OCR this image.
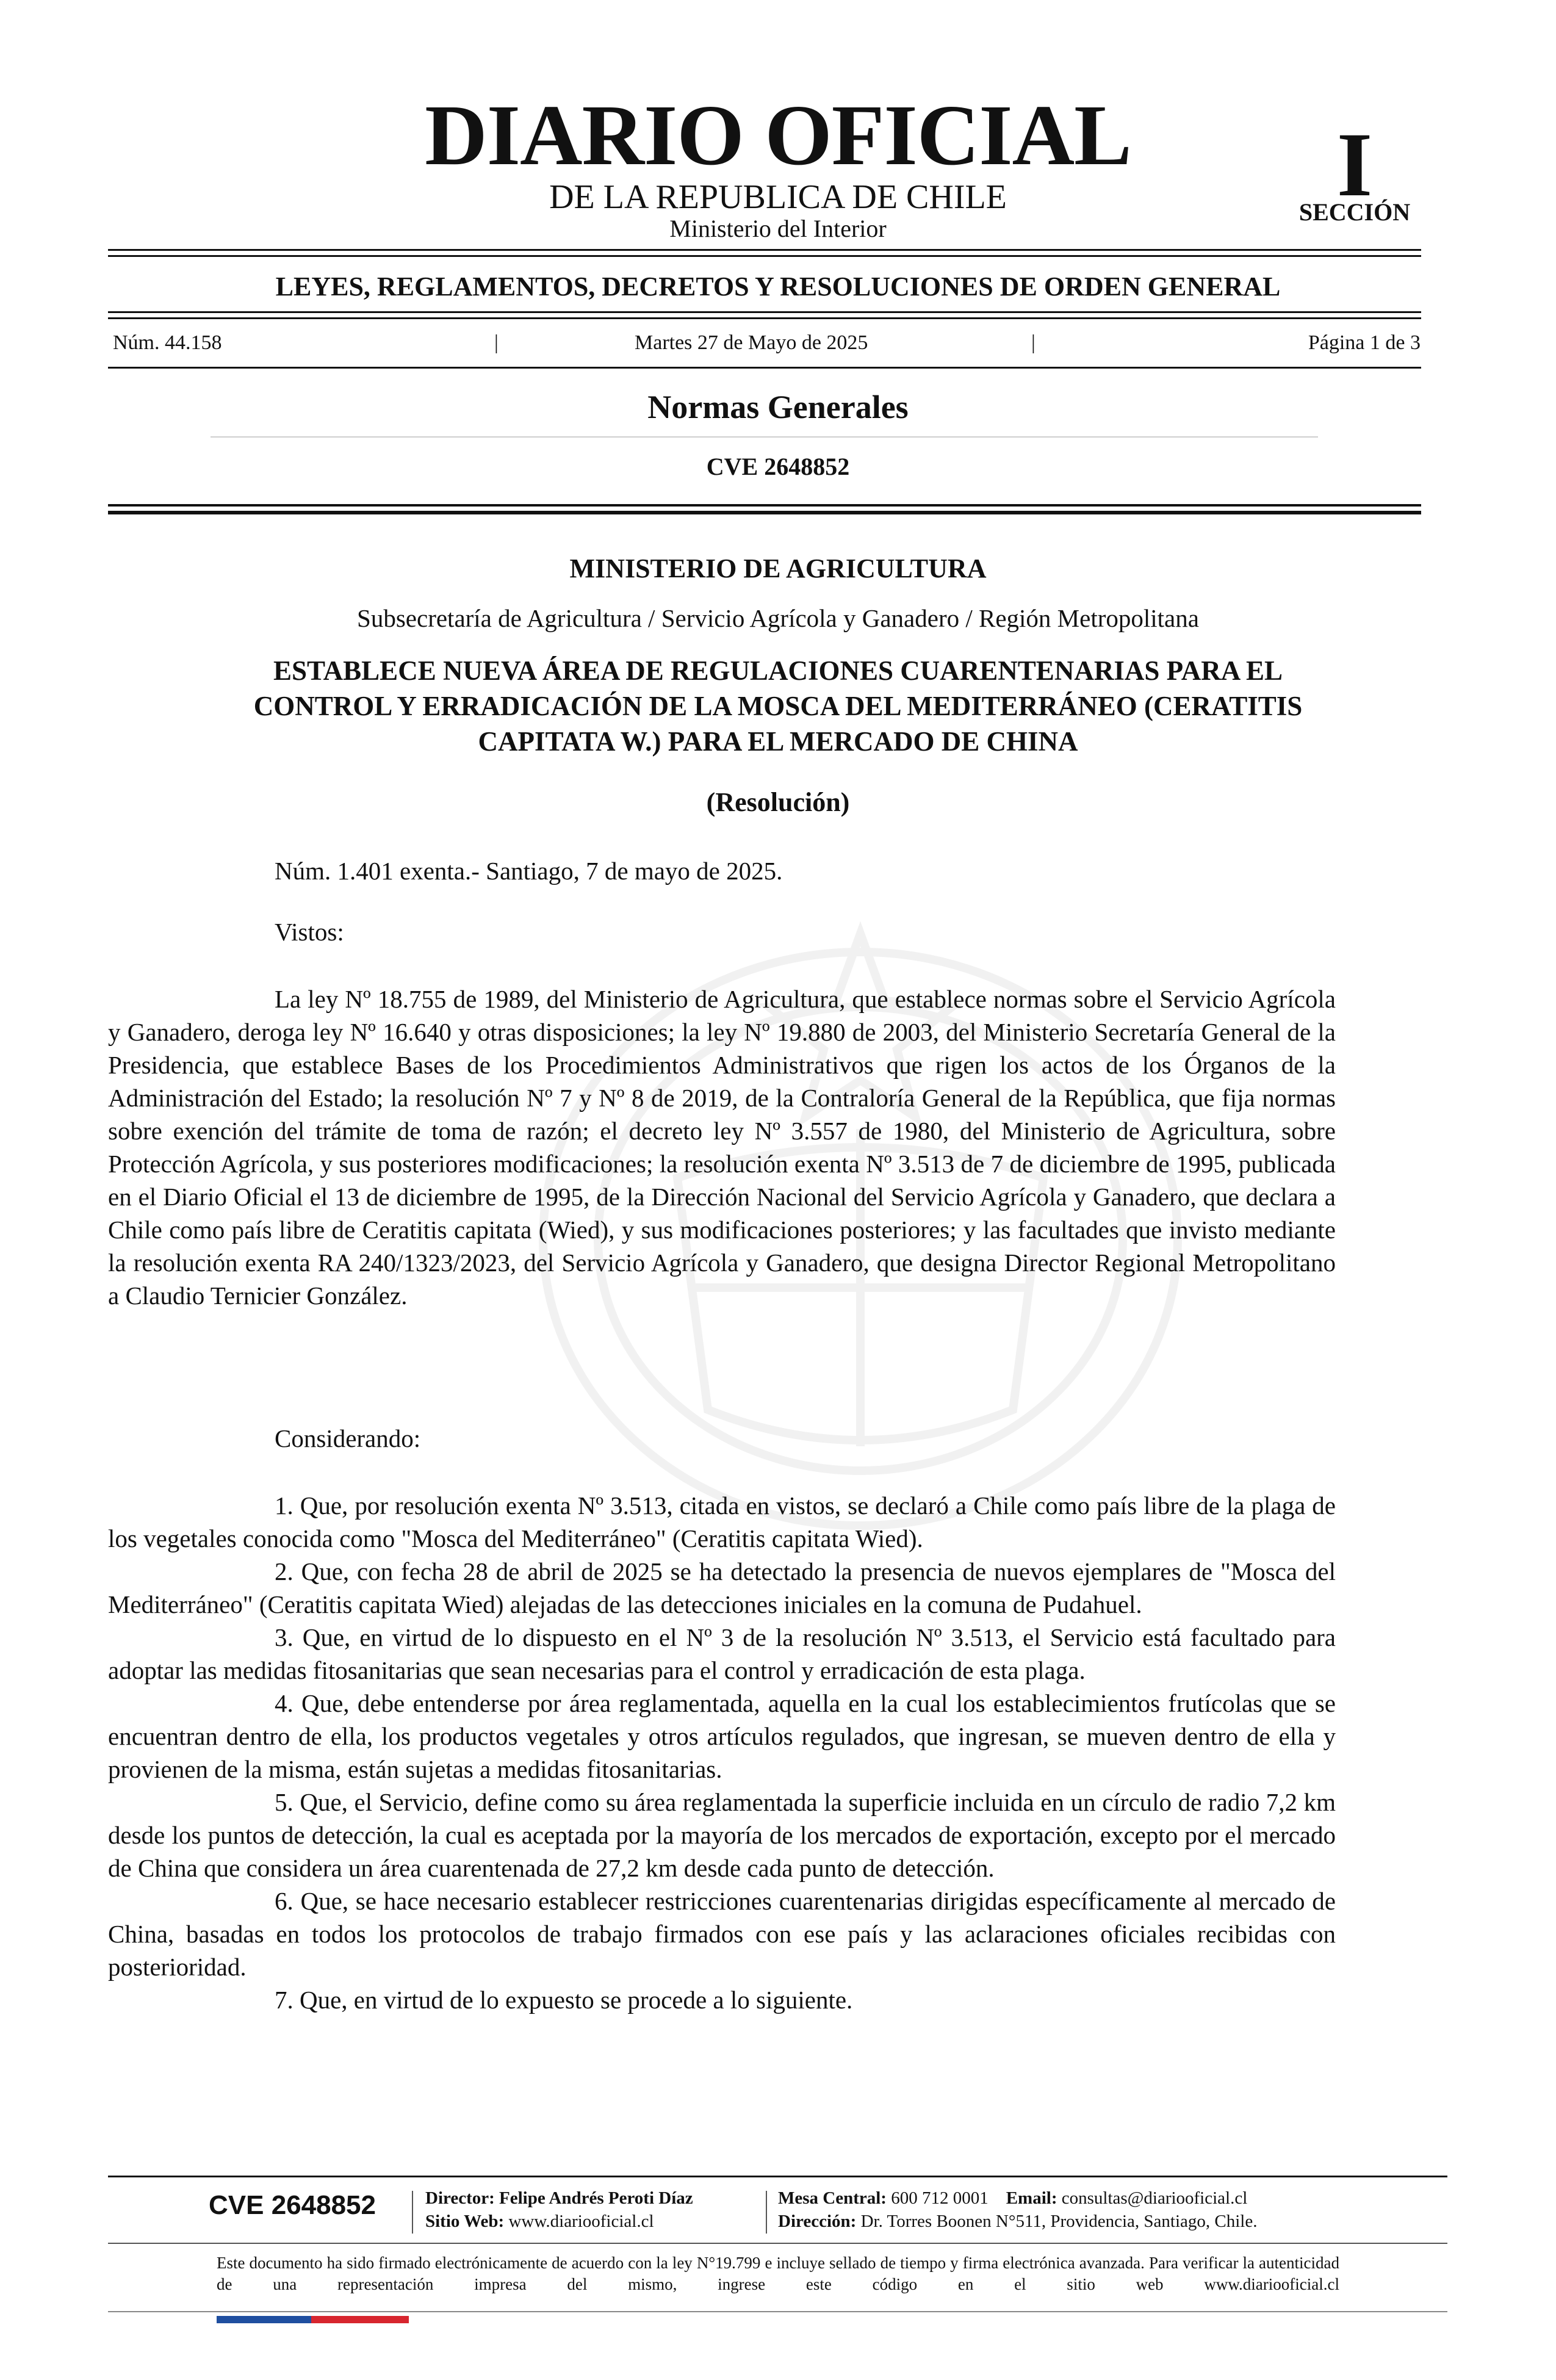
DIARIO OFICIAL
DE LA REPUBLICA DE CHILE
Ministerio del Interior
I
SECCIÓN
LEYES, REGLAMENTOS, DECRETOS Y RESOLUCIONES DE ORDEN GENERAL
Núm. 44.158	|	Martes 27 de Mayo de 2025	|	Página 1 de 3
Normas Generales
CVE 2648852
MINISTERIO DE AGRICULTURA
Subsecretaría de Agricultura / Servicio Agrícola y Ganadero / Región Metropolitana
ESTABLECE NUEVA ÁREA DE REGULACIONES CUARENTENARIAS PARA EL CONTROL Y ERRADICACIÓN DE LA MOSCA DEL MEDITERRÁNEO (CERATITIS CAPITATA W.) PARA EL MERCADO DE CHINA
(Resolución)
Núm. 1.401 exenta.- Santiago, 7 de mayo de 2025.
Vistos:
La ley Nº 18.755 de 1989, del Ministerio de Agricultura, que establece normas sobre el Servicio Agrícola y Ganadero, deroga ley Nº 16.640 y otras disposiciones; la ley Nº 19.880 de 2003, del Ministerio Secretaría General de la Presidencia, que establece Bases de los Procedimientos Administrativos que rigen los actos de los Órganos de la Administración del Estado; la resolución Nº 7 y Nº 8 de 2019, de la Contraloría General de la República, que fija normas sobre exención del trámite de toma de razón; el decreto ley Nº 3.557 de 1980, del Ministerio de Agricultura, sobre Protección Agrícola, y sus posteriores modificaciones; la resolución exenta Nº 3.513 de 7 de diciembre de 1995, publicada en el Diario Oficial el 13 de diciembre de 1995, de la Dirección Nacional del Servicio Agrícola y Ganadero, que declara a Chile como país libre de Ceratitis capitata (Wied), y sus modificaciones posteriores; y las facultades que invisto mediante la resolución exenta RA 240/1323/2023, del Servicio Agrícola y Ganadero, que designa Director Regional Metropolitano a Claudio Ternicier González.
Considerando:

1. Que, por resolución exenta Nº 3.513, citada en vistos, se declaró a Chile como país libre de la plaga de los vegetales conocida como "Mosca del Mediterráneo" (Ceratitis capitata Wied).

2. Que, con fecha 28 de abril de 2025 se ha detectado la presencia de nuevos ejemplares de "Mosca del Mediterráneo" (Ceratitis capitata Wied) alejadas de las detecciones iniciales en la comuna de Pudahuel.

3. Que, en virtud de lo dispuesto en el Nº 3 de la resolución Nº 3.513, el Servicio está facultado para adoptar las medidas fitosanitarias que sean necesarias para el control y erradicación de esta plaga.

4. Que, debe entenderse por área reglamentada, aquella en la cual los establecimientos frutícolas que se encuentran dentro de ella, los productos vegetales y otros artículos regulados, que ingresan, se mueven dentro de ella y provienen de la misma, están sujetas a medidas fitosanitarias.

5. Que, el Servicio, define como su área reglamentada la superficie incluida en un círculo de radio 7,2 km desde los puntos de detección, la cual es aceptada por la mayoría de los mercados de exportación, excepto por el mercado de China que considera un área cuarentenada de 27,2 km desde cada punto de detección.

6. Que, se hace necesario establecer restricciones cuarentenarias dirigidas específicamente al mercado de China, basadas en todos los protocolos de trabajo firmados con ese país y las aclaraciones oficiales recibidas con posterioridad.

7. Que, en virtud de lo expuesto se procede a lo siguiente.

CVE 2648852	Director: Felipe Andrés Peroti Díaz
Sitio Web: www.diariooficial.cl
Mesa Central: 600 712 0001 Email: consultas@diariooficial.cl
Dirección: Dr. Torres Boonen N°511, Providencia, Santiago, Chile.
Este documento ha sido firmado electrónicamente de acuerdo con la ley N°19.799 e incluye sellado de tiempo y firma electrónica avanzada. Para verificar la autenticidad de una representación impresa del mismo, ingrese este código en el sitio web www.diariooficial.cl
